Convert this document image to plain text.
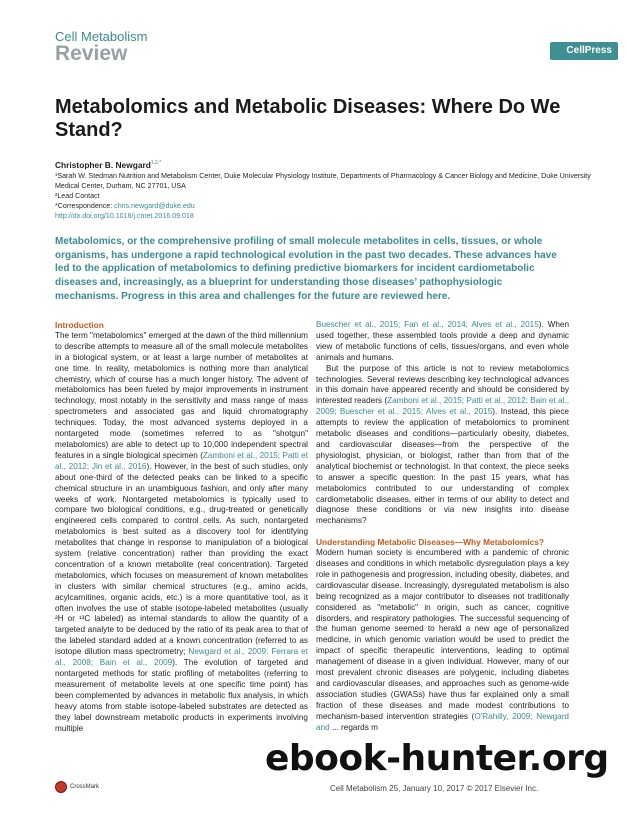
Cell Metabolism
Review	CellPress
Metabolomics and Metabolic Diseases: Where Do We Stand?
Christopher B. Newgard$^{1,2,*}$
¹Sarah W. Stedman Nutrition and Metabolism Center, Duke Molecular Physiology Institute, Departments of Pharmacology & Cancer Biology and Medicine, Duke University Medical Center, Durham, NC 27701, USA
²Lead Contact
*Correspondence: chris.newgard@duke.edu
http://dx.doi.org/10.1016/j.cmet.2016.09.018
Metabolomics, or the comprehensive profiling of small molecule metabolites in cells, tissues, or whole organisms, has undergone a rapid technological evolution in the past two decades. These advances have led to the application of metabolomics to defining predictive biomarkers for incident cardiometabolic diseases and, increasingly, as a blueprint for understanding those diseases’ pathophysiologic mechanisms. Progress in this area and challenges for the future are reviewed here.
Introduction

The term "metabolomics" emerged at the dawn of the third millennium to describe attempts to measure all of the small molecule metabolites in a biological system, or at least a large number of metabolites at one time. In reality, metabolomics is nothing more than analytical chemistry, which of course has a much longer history. The advent of metabolomics has been fueled by major improvements in instrument technology, most notably in the sensitivity and mass range of mass spectrometers and associated gas and liquid chromatography techniques. Today, the most advanced systems deployed in a nontargeted mode (sometimes referred to as "shotgun" metabolomics) are able to detect up to 10,000 independent spectral features in a single biological specimen (Zamboni et al., 2015; Patti et al., 2012; Jin et al., 2016). However, in the best of such studies, only about one-third of the detected peaks can be linked to a specific chemical structure in an unambiguous fashion, and only after many weeks of work. Nontargeted metabolomics is typically used to compare two biological conditions, e.g., drug-treated or genetically engineered cells compared to control cells. As such, nontargeted metabolomics is best suited as a discovery tool for identifying metabolites that change in response to manipulation of a biological system (relative concentration) rather than providing the exact concentration of a known metabolite (real concentration). Targeted metabolomics, which focuses on measurement of known metabolites in clusters with similar chemical structures (e.g., amino acids, acylcarnitines, organic acids, etc.) is a more quantitative tool, as it often involves the use of stable isotope-labeled metabolites (usually ²H or ¹³C labeled) as internal standards to allow the quantity of a targeted analyte to be deduced by the ratio of its peak area to that of the labeled standard added at a known concentration (referred to as isotope dilution mass spectrometry; Newgard et al., 2009; Ferrara et al., 2008; Bain et al., 2009). The evolution of targeted and nontargeted methods for static profiling of metabolites (referring to measurement of metabolite levels at one specific time point) has been complemented by advances in metabolic flux analysis, in which heavy atoms from stable isotope-labeled substrates are detected as they label downstream metabolic products in experiments involving multiple

Buescher et al., 2015; Fan et al., 2014; Alves et al., 2015). When used together, these assembled tools provide a deep and dynamic view of metabolic functions of cells, tissues/organs, and even whole animals and humans.

But the purpose of this article is not to review metabolomics technologies. Several reviews describing key technological advances in this domain have appeared recently and should be considered by interested readers (Zamboni et al., 2015; Patti et al., 2012; Bain et al., 2009; Buescher et al., 2015; Alves et al., 2015). Instead, this piece attempts to review the application of metabolomics to prominent metabolic diseases and conditions—particularly obesity, diabetes, and cardiovascular diseases—from the perspective of the physiologist, physician, or biologist, rather than from that of the analytical biochemist or technologist. In that context, the piece seeks to answer a specific question: In the past 15 years, what has metabolomics contributed to our understanding of complex cardiometabolic diseases, either in terms of our ability to detect and diagnose these conditions or via new insights into disease mechanisms?

Understanding Metabolic Diseases—Why Metabolomics?

Modern human society is encumbered with a pandemic of chronic diseases and conditions in which metabolic dysregulation plays a key role in pathogenesis and progression, including obesity, diabetes, and cardiovascular disease. Increasingly, dysregulated metabolism is also being recognized as a major contributor to diseases not traditionally considered as "metabolic" in origin, such as cancer, cognitive disorders, and respiratory pathologies. The successful sequencing of the human genome seemed to herald a new age of personalized medicine, in which genomic variation would be used to predict the impact of specific therapeutic interventions, leading to optimal management of disease in a given individual. However, many of our most prevalent chronic diseases are polygenic, including diabetes and cardiovascular diseases, and approaches such as genome-wide association studies (GWASs) have thus far explained only a small fraction of these diseases and made modest contributions to mechanism-based intervention strategies (O'Rahilly, 2009; Newgard and ... regards m

CrossMark	Cell Metabolism 25, January 10, 2017 © 2017 Elsevier Inc.
ebook-hunter.org
